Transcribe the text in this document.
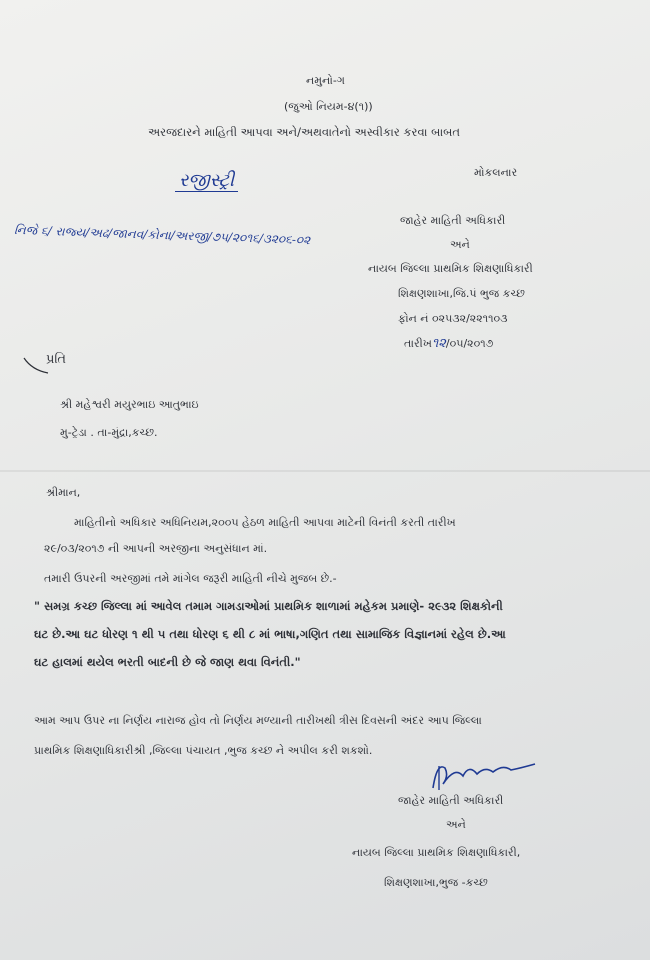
નમુનો-ગ
(જુઓ નિયમ-૪(૧))
અરજદારને માહિતી આપવા અને/અથવાતેનો અસ્વીકાર કરવા બાબત
રજીસ્ટ્રી	મોકલનાર
જાહેર માહિતી અધિકારી
અને
નાયબ જિલ્લા પ્રાથમિક શિક્ષણાધિકારી
શિક્ષણશાખા,જિ.પં ભુજ કચ્છ
ફોન નં ૦૨૫૩૨/૨૨૧૧૦૩
તારીખ૧૨/૦૫/૨૦૧૭
નિજે ૬/ રાજ્ય/અઢ/જાનવ/કોના/અરજી/૭૫/૨૦૧૬/૩૨૦૬-૦૨
પ્રતિ
શ્રી મહેશ્વરી મયુરભાઇ આતુભાઇ
મુ-ટ્રેડા . તા-મુંદ્રા,કચ્છ.
શ્રીમાન,
માહિતીનો અધિકાર અધિનિયમ,૨૦૦૫ હેઠળ માહિતી આપવા માટેની વિનંતી કરતી તારીખ
૨૯/૦૩/૨૦૧૭ ની આપની અરજીના અનુસંધાન માં.
તમારી ઉપરની અરજીમાં તમે માંગેલ જરૂરી માહિતી નીચે મુજબ છે.-
" સમગ્ર કચ્છ જિલ્લા માં આવેલ તમામ ગામડાઓમાં પ્રાથમિક શાળામાં મહેકમ પ્રમાણે- ૨૯૩૨ શિક્ષકોની
ઘટ છે.આ ઘટ ધોરણ ૧ થી ૫ તથા ધોરણ ૬ થી ૮ માં ભાષા,ગણિત તથા સામાજિક વિજ્ઞાનમાં રહેલ છે.આ
ઘટ હાલમાં થયેલ ભરતી બાદની છે જે જાણ થવા વિનંતી."
આમ આપ ઉપર ના નિર્ણય નારાજ હોવ તો નિર્ણય મળ્યાની તારીખથી ત્રીસ દિવસની અંદર આપ જિલ્લા
પ્રાથમિક શિક્ષણાધિકારીશ્રી ,જિલ્લા પંચાયત ,ભુજ કચ્છ ને અપીલ કરી શકશો.
જાહેર માહિતી અધિકારી
અને
નાયબ જિલ્લા પ્રાથમિક શિક્ષણાધિકારી,
શિક્ષણશાખા,ભુજ -કચ્છ
